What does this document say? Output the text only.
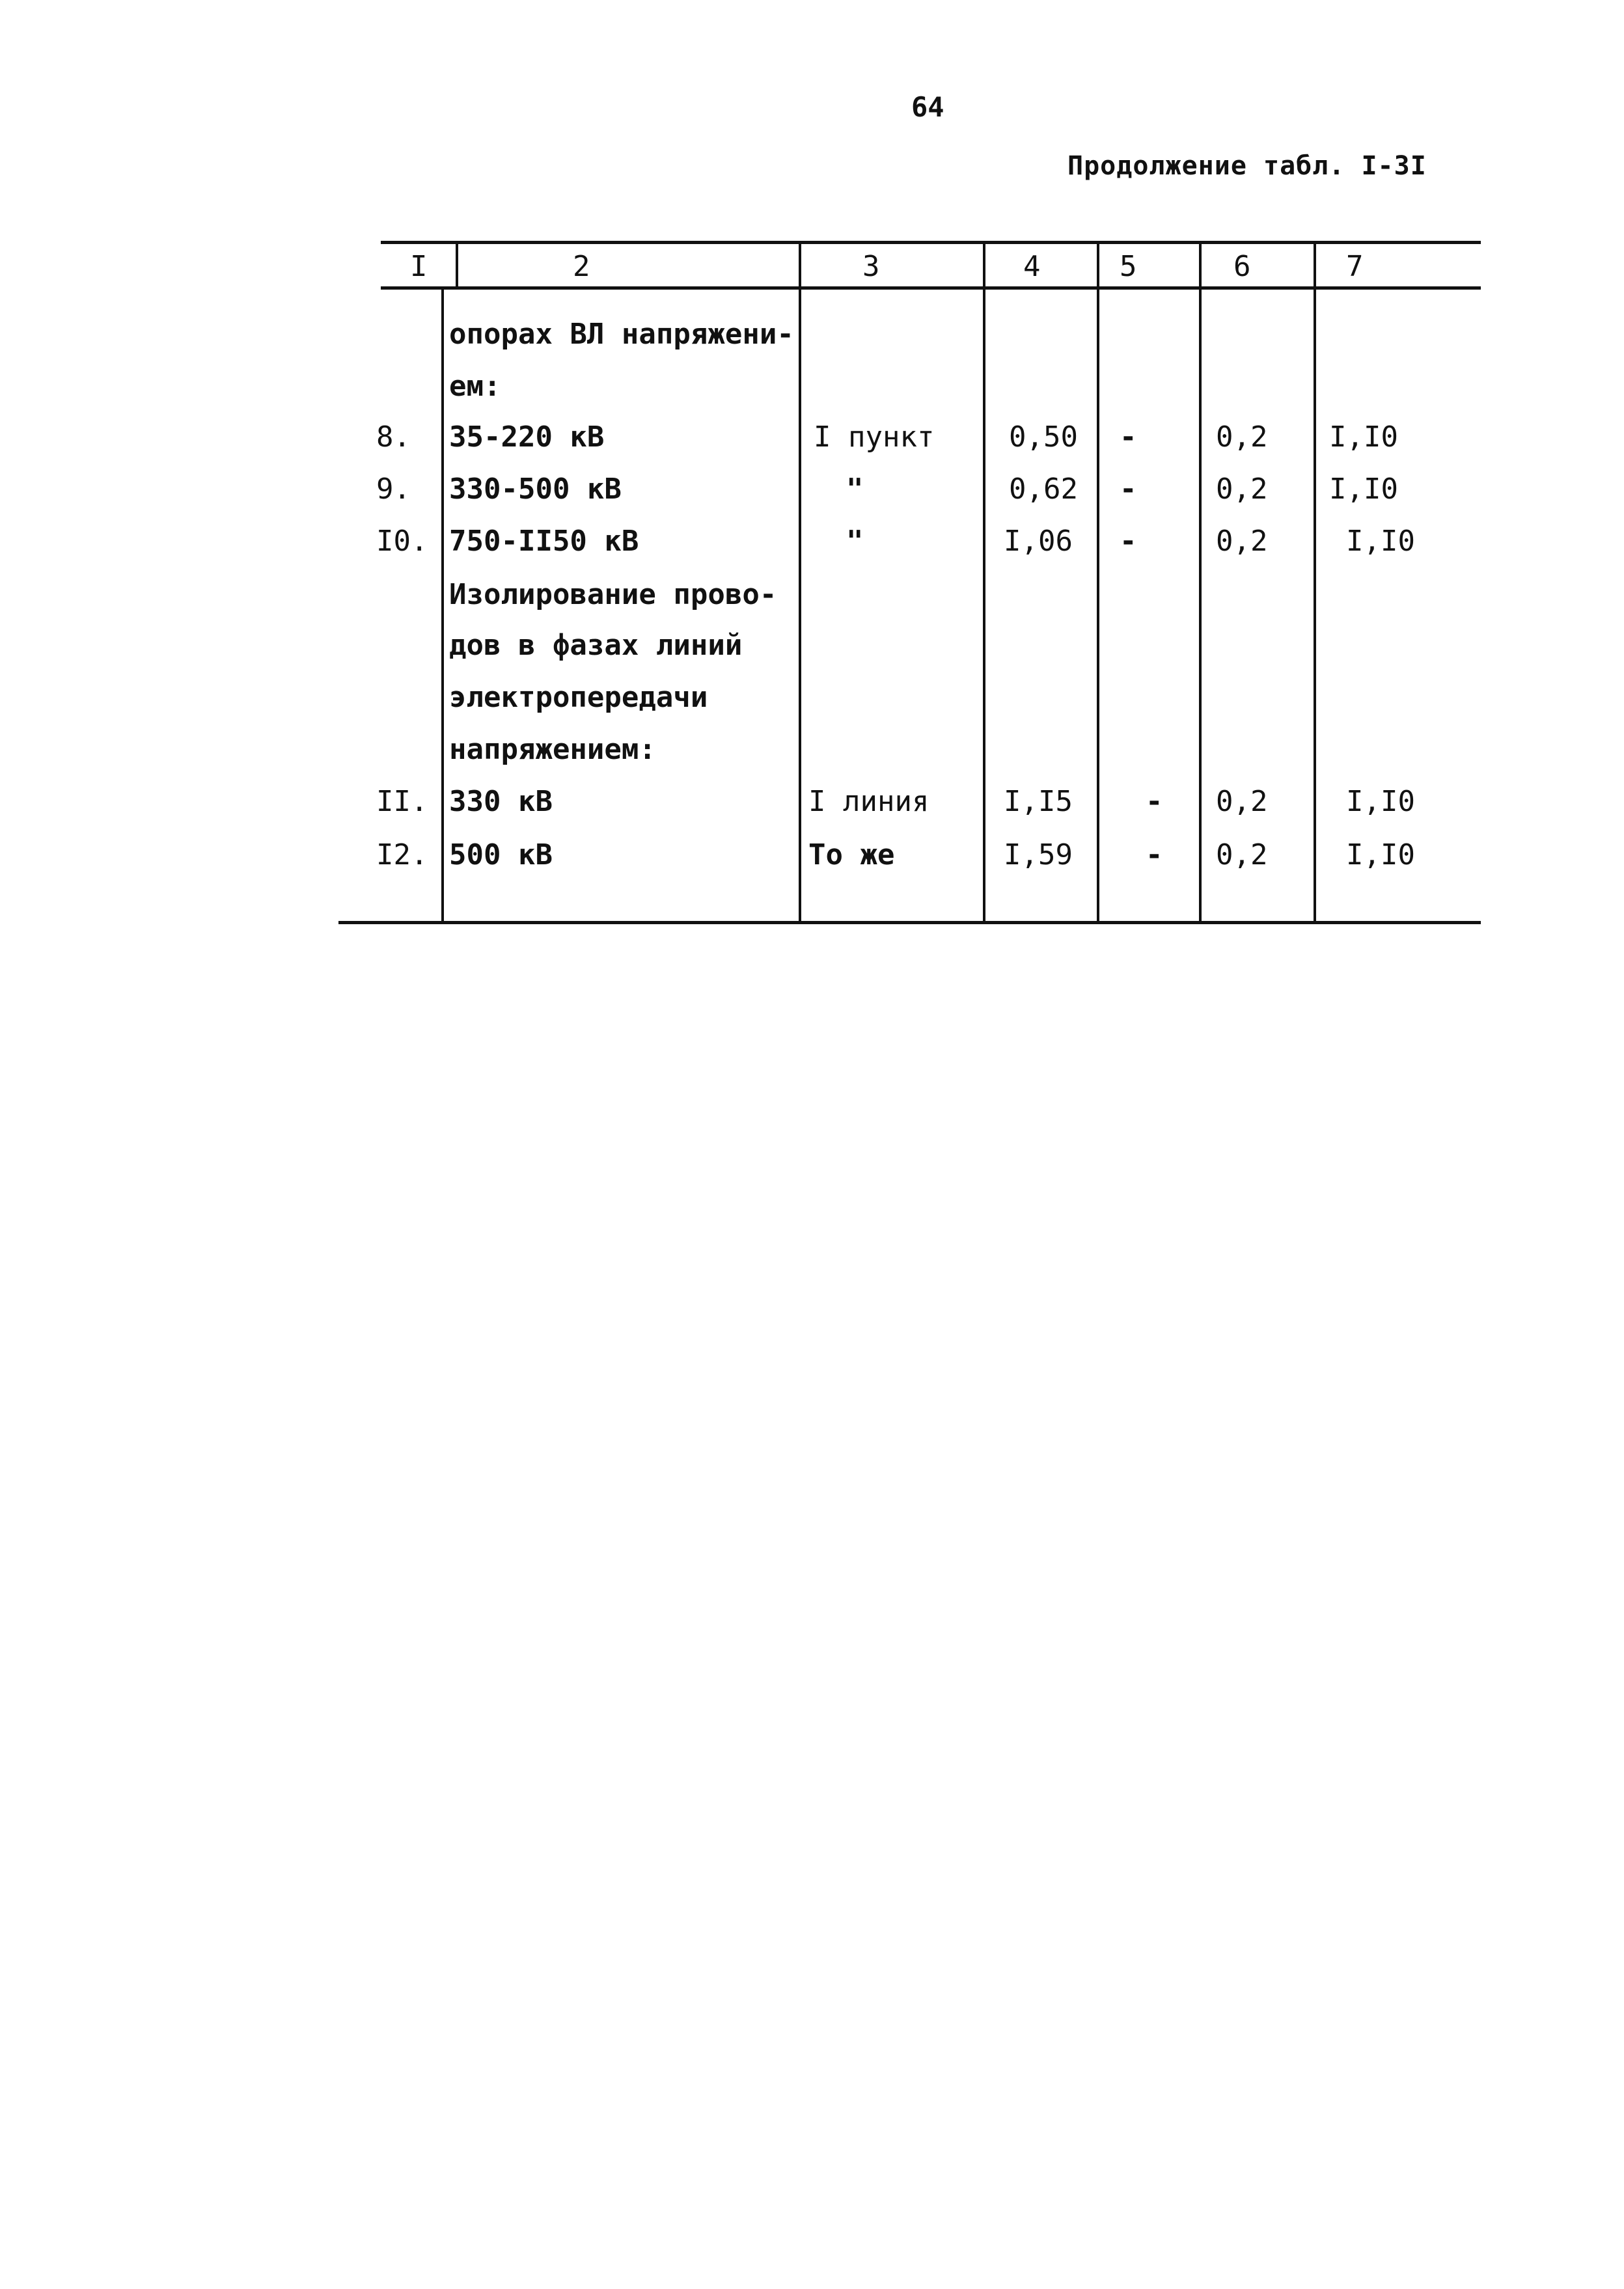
64
Продолжение табл. I-3I
I	2	3	4	5	6	7
опорах ВЛ напряжени-
ем:
8. 35-220 кВ	I пункт	0,50 -	0,2 I,I0
9. 330-500 кВ	"	0,62 -	0,2 I,I0
I0. 750-II50 кВ	"	I,06 -	0,2	I,I0
Изолирование прово-
дов в фазах линий
электропередачи
напряжением:
II. 330 кВ	I линия	I,I5	- 0,2	I,I0
I2. 500 кВ	То же	I,59	- 0,2	I,I0
